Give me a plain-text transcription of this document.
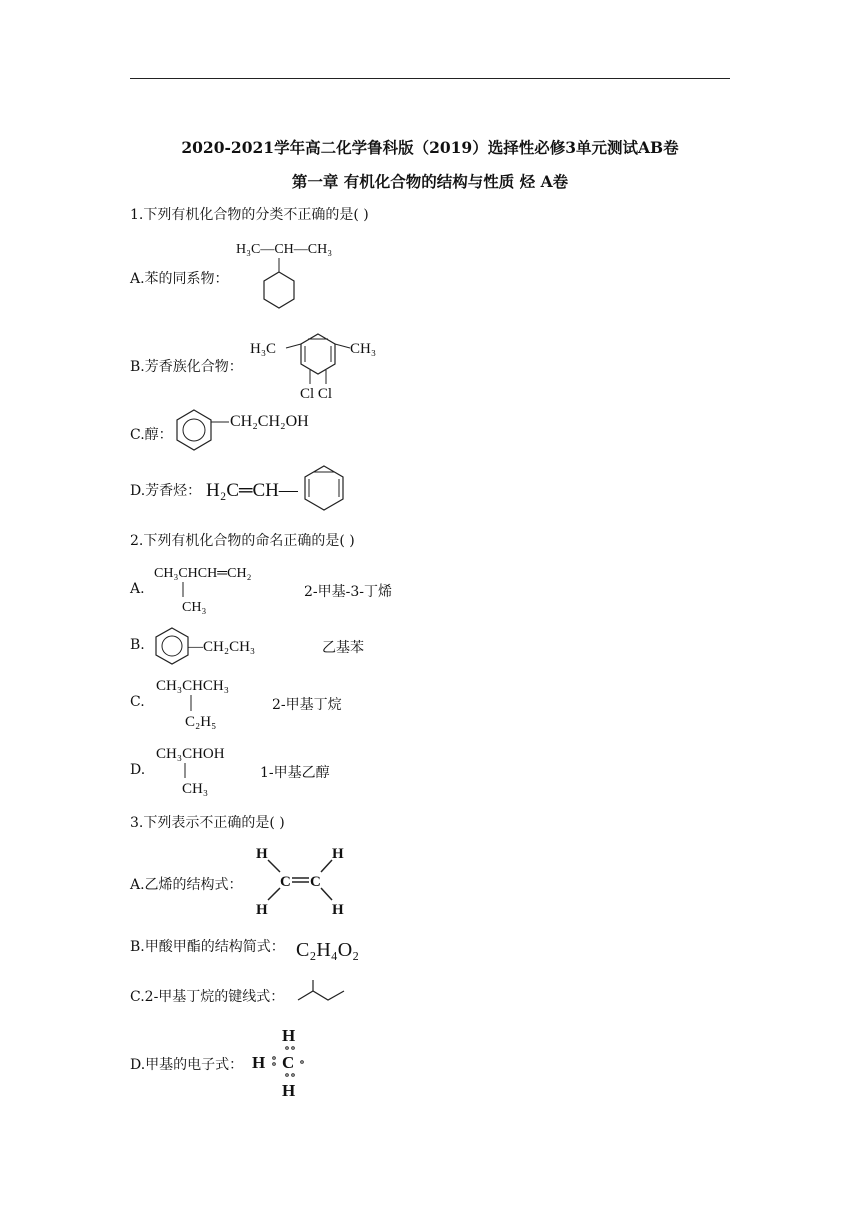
2020-2021学年高二化学鲁科版（2019）选择性必修3单元测试AB卷
第一章 有机化合物的结构与性质 烃 A卷
1.下列有机化合物的分类不正确的是( )
A.苯的同系物：
H₃C—CH—CH₃
B.芳香族化合物：
H₃C	CH₃
Cl Cl
C.醇：
CH₂CH₂OH
D.芳香烃： H₂C═CH—
2.下列有机化合物的命名正确的是( )
A.
CH₃CHCH═CH₂
CH₃
2-甲基-3-丁烯
B.	—CH₂CH₃	乙基苯
C.
CH₃CHCH₃
C₂H₅
2-甲基丁烷
D.
CH₃CHOH
CH₃
1-甲基乙醇
3.下列表示不正确的是( )
A.乙烯的结构式：
H	H
H	H
C C
B.甲酸甲酯的结构简式： C₂H₄O₂
C.2-甲基丁烷的键线式：
D.甲基的电子式：
H
H C
H
